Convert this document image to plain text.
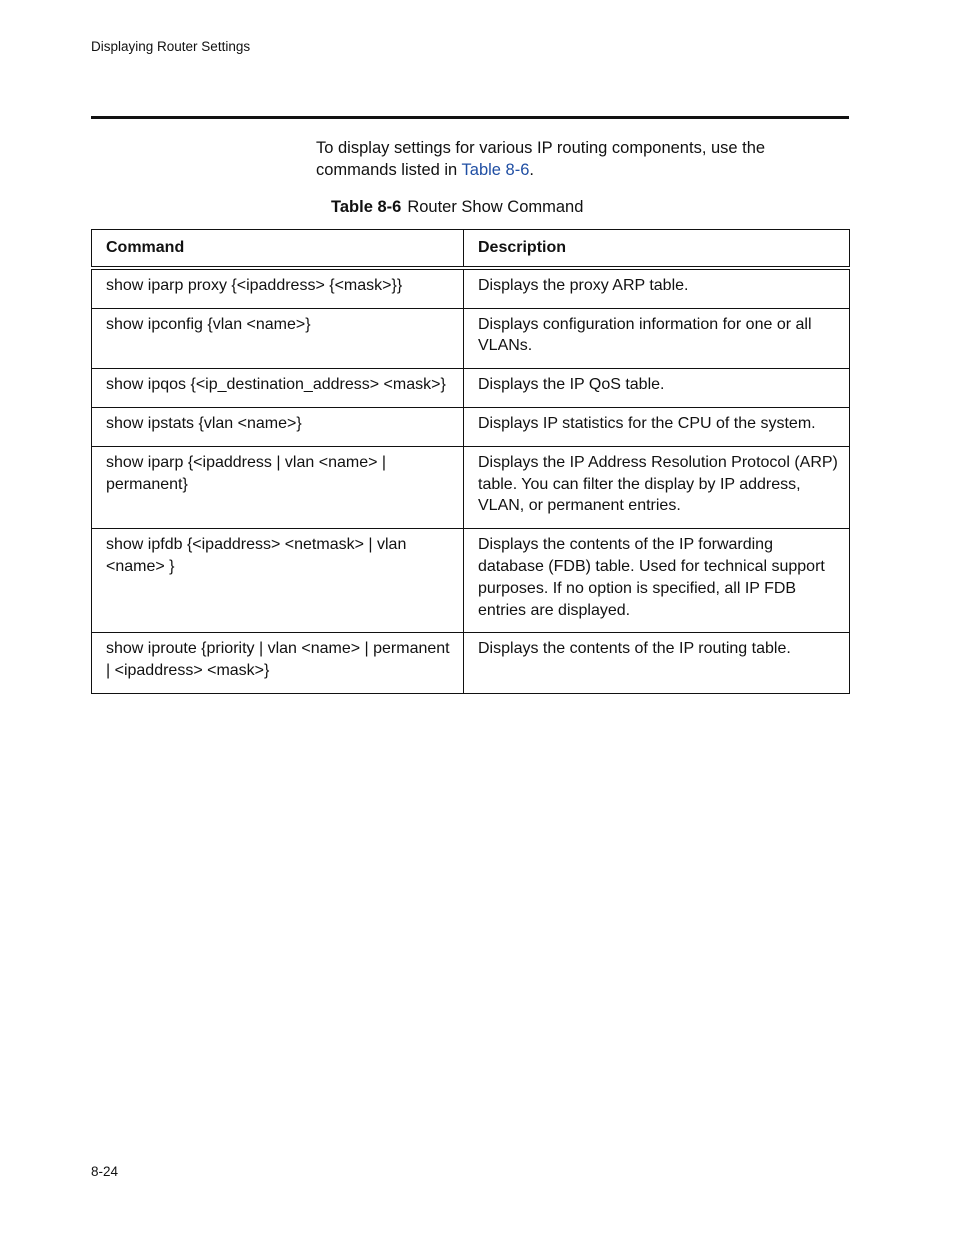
Displaying Router Settings

To display settings for various IP routing components, use the commands listed in Table 8-6.

Table 8-6 Router Show Command
Command	Description
show iparp proxy {<ipaddress> {<mask>}}	Displays the proxy ARP table.
show ipconfig {vlan <name>}	Displays configuration information for one or all VLANs.
show ipqos {<ip_destination_address> <mask>}	Displays the IP QoS table.
show ipstats {vlan <name>}	Displays IP statistics for the CPU of the system.
show iparp {<ipaddress | vlan <name> | permanent}	Displays the IP Address Resolution Protocol (ARP) table. You can filter the display by IP address, VLAN, or permanent entries.
show ipfdb {<ipaddress> <netmask> | vlan <name> }	Displays the contents of the IP forwarding database (FDB) table. Used for technical support purposes. If no option is specified, all IP FDB entries are displayed.
show iproute {priority | vlan <name> | permanent | <ipaddress> <mask>}	Displays the contents of the IP routing table.
8-24
